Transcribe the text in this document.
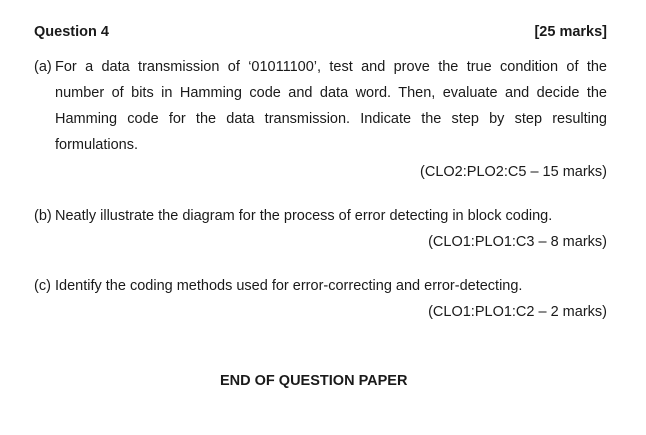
Question 4	[25 marks]
(a) For a data transmission of ‘01011100’, test and prove the true condition of the
number of bits in Hamming code and data word. Then, evaluate and decide the
Hamming code for the data transmission. Indicate the step by step resulting
formulations.
(CLO2:PLO2:C5 – 15 marks)
(b) Neatly illustrate the diagram for the process of error detecting in block coding.
(CLO1:PLO1:C3 – 8 marks)
(c) Identify the coding methods used for error-correcting and error-detecting.
(CLO1:PLO1:C2 – 2 marks)
END OF QUESTION PAPER
